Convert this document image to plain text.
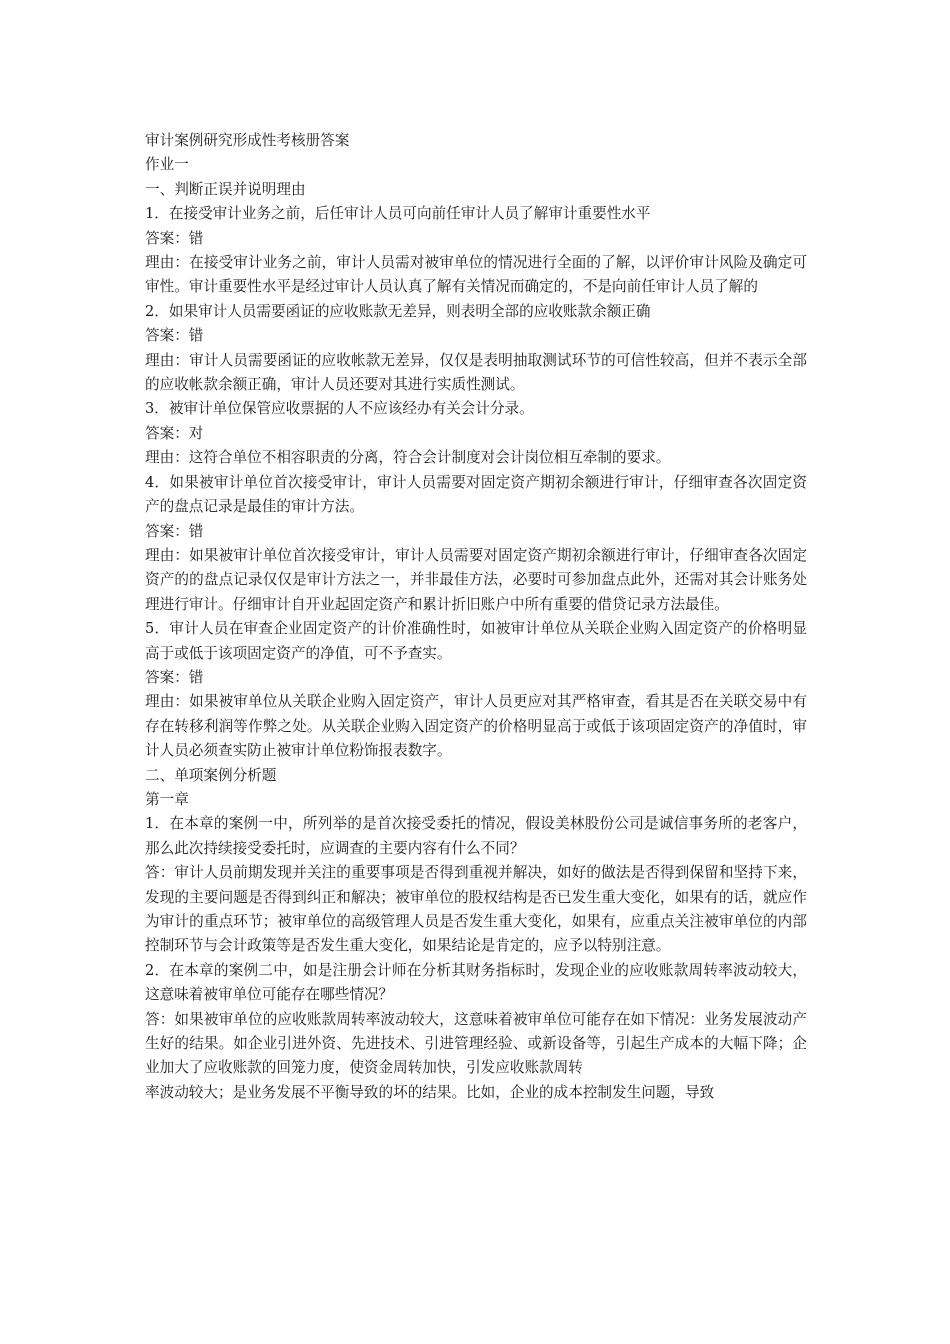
审计案例研究形成性考核册答案

作业一

一、判断正误并说明理由

1．在接受审计业务之前，后任审计人员可向前任审计人员了解审计重要性水平

答案：错

理由：在接受审计业务之前，审计人员需对被审单位的情况进行全面的了解，以评价审计风险及确定可审性。审计重要性水平是经过审计人员认真了解有关情况而确定的，不是向前任审计人员了解的

2．如果审计人员需要函证的应收账款无差异，则表明全部的应收账款余额正确

答案：错

理由：审计人员需要函证的应收帐款无差异，仅仅是表明抽取测试环节的可信性较高，但并不表示全部的应收帐款余额正确，审计人员还要对其进行实质性测试。

3．被审计单位保管应收票据的人不应该经办有关会计分录。

答案：对

理由：这符合单位不相容职责的分离，符合会计制度对会计岗位相互牵制的要求。

4．如果被审计单位首次接受审计，审计人员需要对固定资产期初余额进行审计，仔细审查各次固定资产的盘点记录是最佳的审计方法。

答案：错

理由：如果被审计单位首次接受审计，审计人员需要对固定资产期初余额进行审计，仔细审查各次固定资产的的盘点记录仅仅是审计方法之一，并非最佳方法，必要时可参加盘点此外，还需对其会计账务处理进行审计。仔细审计自开业起固定资产和累计折旧账户中所有重要的借贷记录方法最佳。

5．审计人员在审查企业固定资产的计价准确性时，如被审计单位从关联企业购入固定资产的价格明显高于或低于该项固定资产的净值，可不予查实。

答案：错

理由：如果被审单位从关联企业购入固定资产，审计人员更应对其严格审查，看其是否在关联交易中有存在转移利润等作弊之处。从关联企业购入固定资产的价格明显高于或低于该项固定资产的净值时，审计人员必须查实防止被审计单位粉饰报表数字。

二、单项案例分析题

第一章

1．在本章的案例一中，所列举的是首次接受委托的情况，假设美林股份公司是诚信事务所的老客户，那么此次持续接受委托时，应调查的主要内容有什么不同？

答：审计人员前期发现并关注的重要事项是否得到重视并解决，如好的做法是否得到保留和坚持下来，发现的主要问题是否得到纠正和解决；被审单位的股权结构是否已发生重大变化，如果有的话，就应作为审计的重点环节；被审单位的高级管理人员是否发生重大变化，如果有，应重点关注被审单位的内部控制环节与会计政策等是否发生重大变化，如果结论是肯定的，应予以特别注意。

2．在本章的案例二中，如是注册会计师在分析其财务指标时，发现企业的应收账款周转率波动较大，这意味着被审单位可能存在哪些情况？

答：如果被审单位的应收账款周转率波动较大，这意味着被审单位可能存在如下情况：业务发展波动产生好的结果。如企业引进外资、先进技术、引进管理经验、或新设备等，引起生产成本的大幅下降；企业加大了应收账款的回笼力度，使资金周转加快，引发应收账款周转

率波动较大；是业务发展不平衡导致的坏的结果。比如，企业的成本控制发生问题，导致
